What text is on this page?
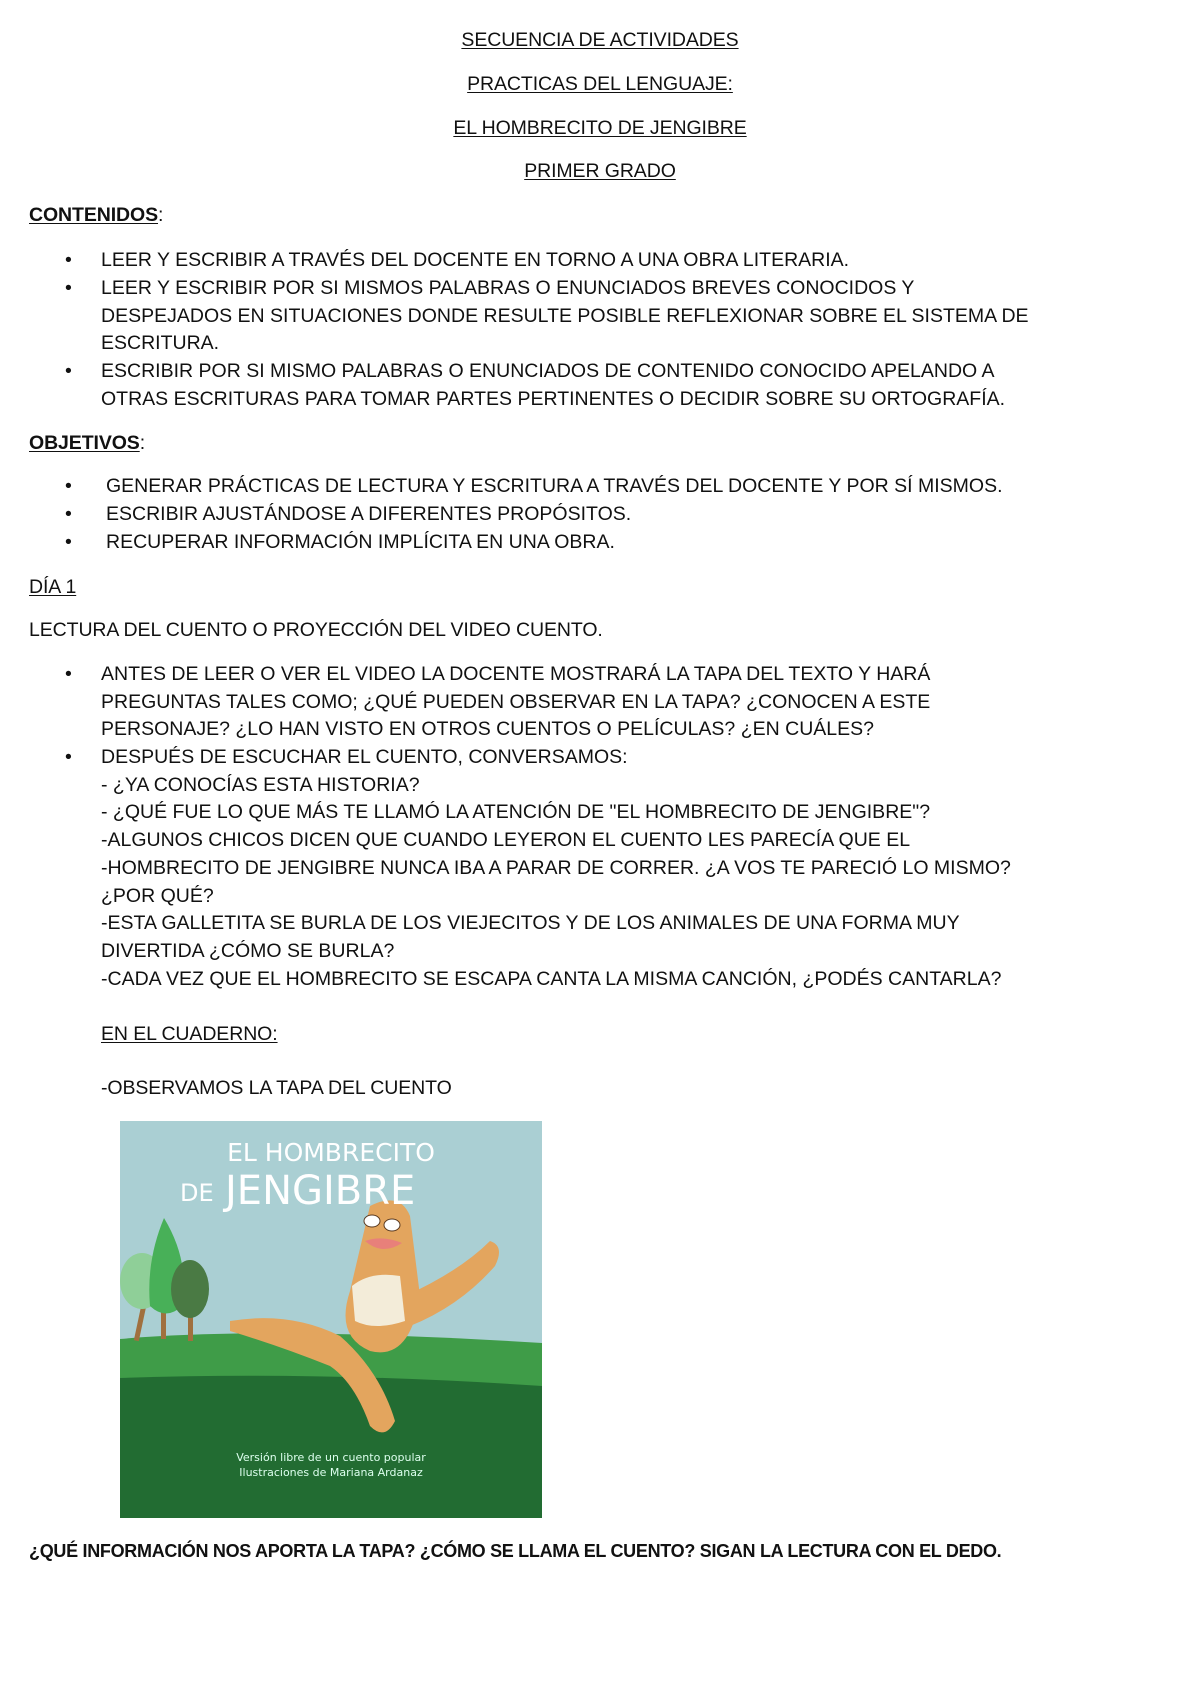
SECUENCIA DE ACTIVIDADES
PRACTICAS DEL LENGUAJE:
EL HOMBRECITO DE JENGIBRE
PRIMER GRADO
CONTENIDOS:
• LEER Y ESCRIBIR A TRAVÉS DEL DOCENTE EN TORNO A UNA OBRA LITERARIA.
• LEER Y ESCRIBIR POR SI MISMOS PALABRAS O ENUNCIADOS BREVES CONOCIDOS Y
DESPEJADOS EN SITUACIONES DONDE RESULTE POSIBLE REFLEXIONAR SOBRE EL SISTEMA DE
ESCRITURA.
• ESCRIBIR POR SI MISMO PALABRAS O ENUNCIADOS DE CONTENIDO CONOCIDO APELANDO A
OTRAS ESCRITURAS PARA TOMAR PARTES PERTINENTES O DECIDIR SOBRE SU ORTOGRAFÍA.
OBJETIVOS:
• GENERAR PRÁCTICAS DE LECTURA Y ESCRITURA A TRAVÉS DEL DOCENTE Y POR SÍ MISMOS.
• ESCRIBIR AJUSTÁNDOSE A DIFERENTES PROPÓSITOS.
• RECUPERAR INFORMACIÓN IMPLÍCITA EN UNA OBRA.
DÍA 1
LECTURA DEL CUENTO O PROYECCIÓN DEL VIDEO CUENTO.
• ANTES DE LEER O VER EL VIDEO LA DOCENTE MOSTRARÁ LA TAPA DEL TEXTO Y HARÁ
PREGUNTAS TALES COMO; ¿QUÉ PUEDEN OBSERVAR EN LA TAPA? ¿CONOCEN A ESTE
PERSONAJE? ¿LO HAN VISTO EN OTROS CUENTOS O PELÍCULAS? ¿EN CUÁLES?
• DESPUÉS DE ESCUCHAR EL CUENTO, CONVERSAMOS:
- ¿YA CONOCÍAS ESTA HISTORIA?
- ¿QUÉ FUE LO QUE MÁS TE LLAMÓ LA ATENCIÓN DE "EL HOMBRECITO DE JENGIBRE"?
-ALGUNOS CHICOS DICEN QUE CUANDO LEYERON EL CUENTO LES PARECÍA QUE EL
-HOMBRECITO DE JENGIBRE NUNCA IBA A PARAR DE CORRER. ¿A VOS TE PARECIÓ LO MISMO?
¿POR QUÉ?
-ESTA GALLETITA SE BURLA DE LOS VIEJECITOS Y DE LOS ANIMALES DE UNA FORMA MUY
DIVERTIDA ¿CÓMO SE BURLA?
-CADA VEZ QUE EL HOMBRECITO SE ESCAPA CANTA LA MISMA CANCIÓN, ¿PODÉS CANTARLA?
EN EL CUADERNO:
-OBSERVAMOS LA TAPA DEL CUENTO
EL HOMBRECITO
DE JENGIBRE
Versión libre de un cuento popular
Ilustraciones de Mariana Ardanaz
¿QUÉ INFORMACIÓN NOS APORTA LA TAPA? ¿CÓMO SE LLAMA EL CUENTO? SIGAN LA LECTURA CON EL DEDO.
